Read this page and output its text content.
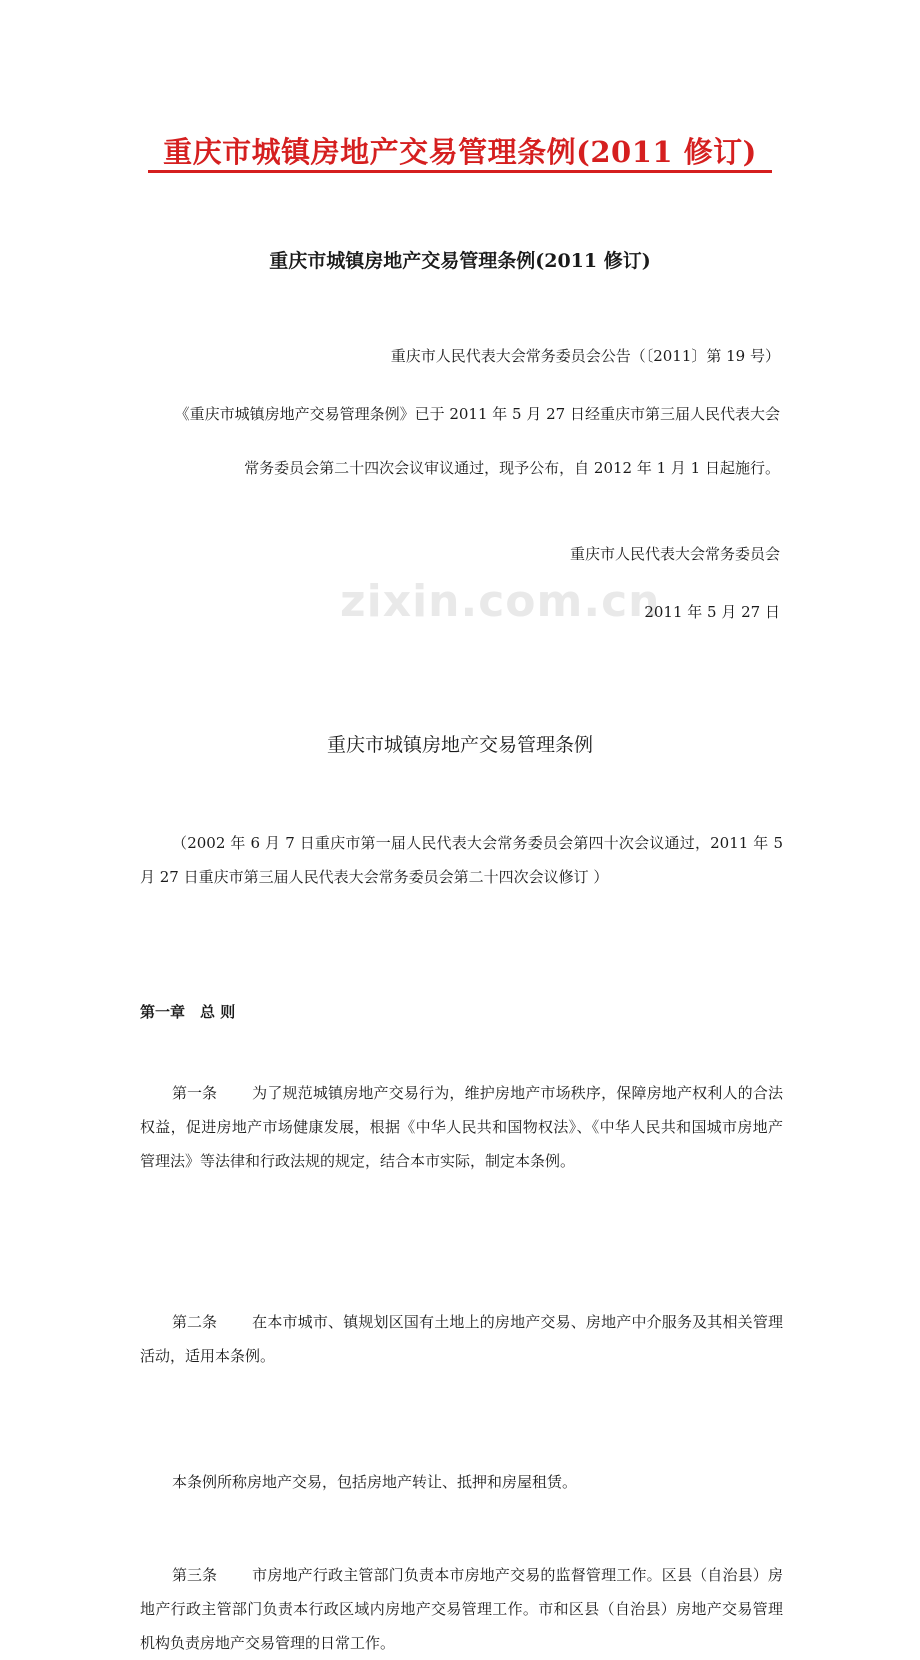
zixin.com.cn
重庆市城镇房地产交易管理条例(2011 修订)
重庆市城镇房地产交易管理条例(2011 修订)
重庆市人民代表大会常务委员会公告（〔2011〕第 19 号）
《重庆市城镇房地产交易管理条例》已于 2011 年 5 月 27 日经重庆市第三届人民代表大会
常务委员会第二十四次会议审议通过，现予公布，自 2012 年 1 月 1 日起施行。
重庆市人民代表大会常务委员会
2011 年 5 月 27 日
重庆市城镇房地产交易管理条例
（2002 年 6 月 7 日重庆市第一届人民代表大会常务委员会第四十次会议通过，2011 年 5 月 27 日重庆市第三届人民代表大会常务委员会第二十四次会议修订 ）
第一章　总 则
第一条 为了规范城镇房地产交易行为，维护房地产市场秩序，保障房地产权利人的合法权益，促进房地产市场健康发展，根据《中华人民共和国物权法》、《中华人民共和国城市房地产管理法》等法律和行政法规的规定，结合本市实际，制定本条例。
第二条 在本市城市、镇规划区国有土地上的房地产交易、房地产中介服务及其相关管理活动，适用本条例。
本条例所称房地产交易，包括房地产转让、抵押和房屋租赁。
第三条 市房地产行政主管部门负责本市房地产交易的监督管理工作。区县（自治县）房地产行政主管部门负责本行政区域内房地产交易管理工作。市和区县（自治县）房地产交易管理机构负责房地产交易管理的日常工作。
